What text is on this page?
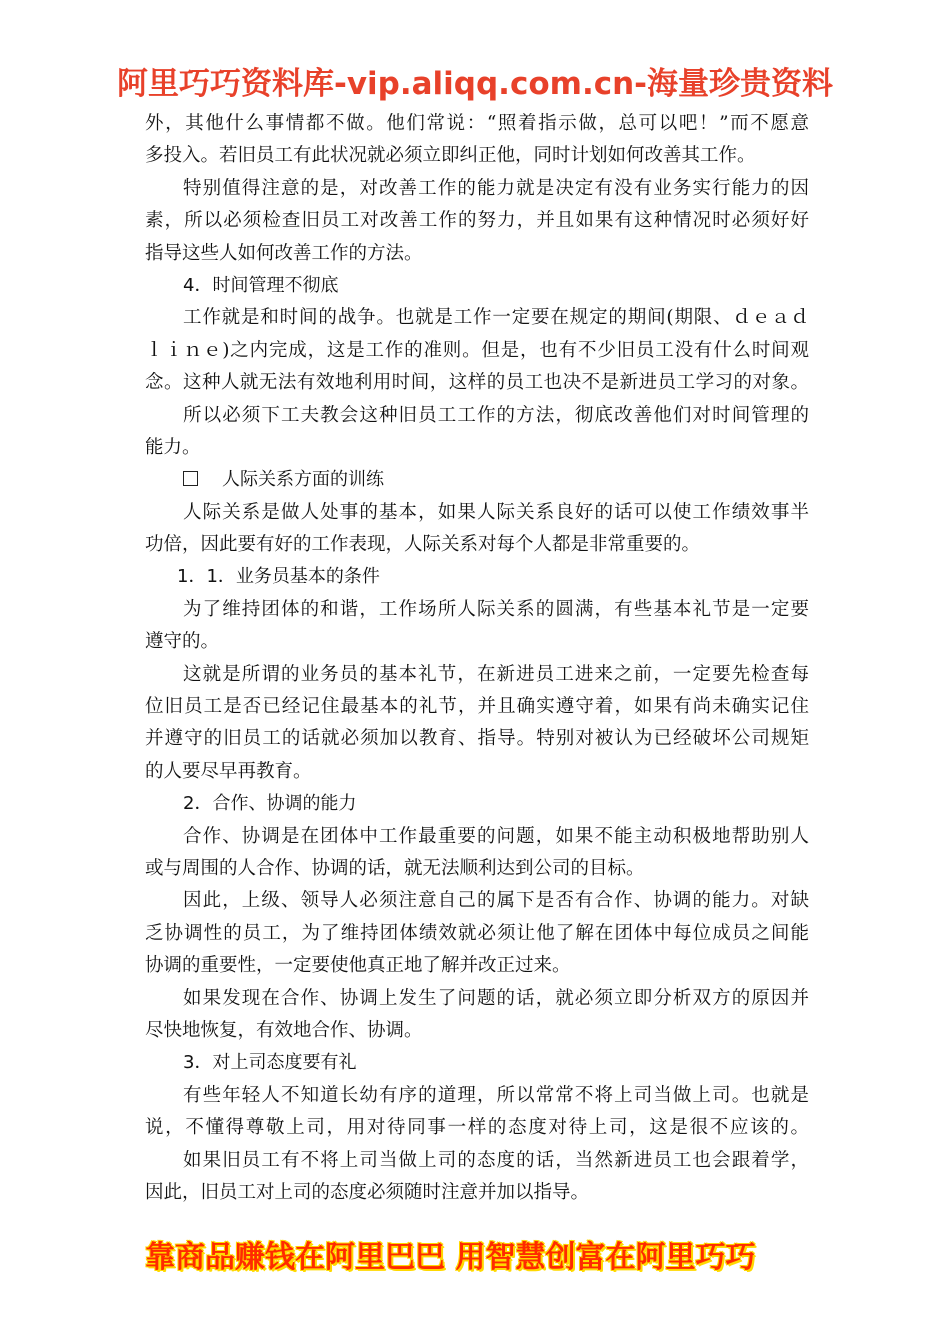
阿里巧巧资料库-vip.aliqq.com.cn-海量珍贵资料
外，其他什么事情都不做。他们常说：“照着指示做，总可以吧！”而不愿意
多投入。若旧员工有此状况就必须立即纠正他，同时计划如何改善其工作。
特别值得注意的是，对改善工作的能力就是决定有没有业务实行能力的因
素，所以必须检查旧员工对改善工作的努力，并且如果有这种情况时必须好好
指导这些人如何改善工作的方法。
4．时间管理不彻底
工作就是和时间的战争。也就是工作一定要在规定的期间(期限、ｄｅａｄ
ｌｉｎｅ)之内完成，这是工作的准则。但是，也有不少旧员工没有什么时间观
念。这种人就无法有效地利用时间，这样的员工也决不是新进员工学习的对象。
所以必须下工夫教会这种旧员工工作的方法，彻底改善他们对时间管理的
能力。
人际关系方面的训练
人际关系是做人处事的基本，如果人际关系良好的话可以使工作绩效事半
功倍，因此要有好的工作表现，人际关系对每个人都是非常重要的。
1．1．业务员基本的条件
为了维持团体的和谐，工作场所人际关系的圆满，有些基本礼节是一定要
遵守的。
这就是所谓的业务员的基本礼节，在新进员工进来之前，一定要先检查每
位旧员工是否已经记住最基本的礼节，并且确实遵守着，如果有尚未确实记住
并遵守的旧员工的话就必须加以教育、指导。特别对被认为已经破坏公司规矩
的人要尽早再教育。
2．合作、协调的能力
合作、协调是在团体中工作最重要的问题，如果不能主动积极地帮助别人
或与周围的人合作、协调的话，就无法顺利达到公司的目标。
因此，上级、领导人必须注意自己的属下是否有合作、协调的能力。对缺
乏协调性的员工，为了维持团体绩效就必须让他了解在团体中每位成员之间能
协调的重要性，一定要使他真正地了解并改正过来。
如果发现在合作、协调上发生了问题的话，就必须立即分析双方的原因并
尽快地恢复，有效地合作、协调。
3．对上司态度要有礼
有些年轻人不知道长幼有序的道理，所以常常不将上司当做上司。也就是
说，不懂得尊敬上司，用对待同事一样的态度对待上司，这是很不应该的。
如果旧员工有不将上司当做上司的态度的话，当然新进员工也会跟着学，
因此，旧员工对上司的态度必须随时注意并加以指导。
靠商品赚钱在阿里巴巴 用智慧创富在阿里巧巧
